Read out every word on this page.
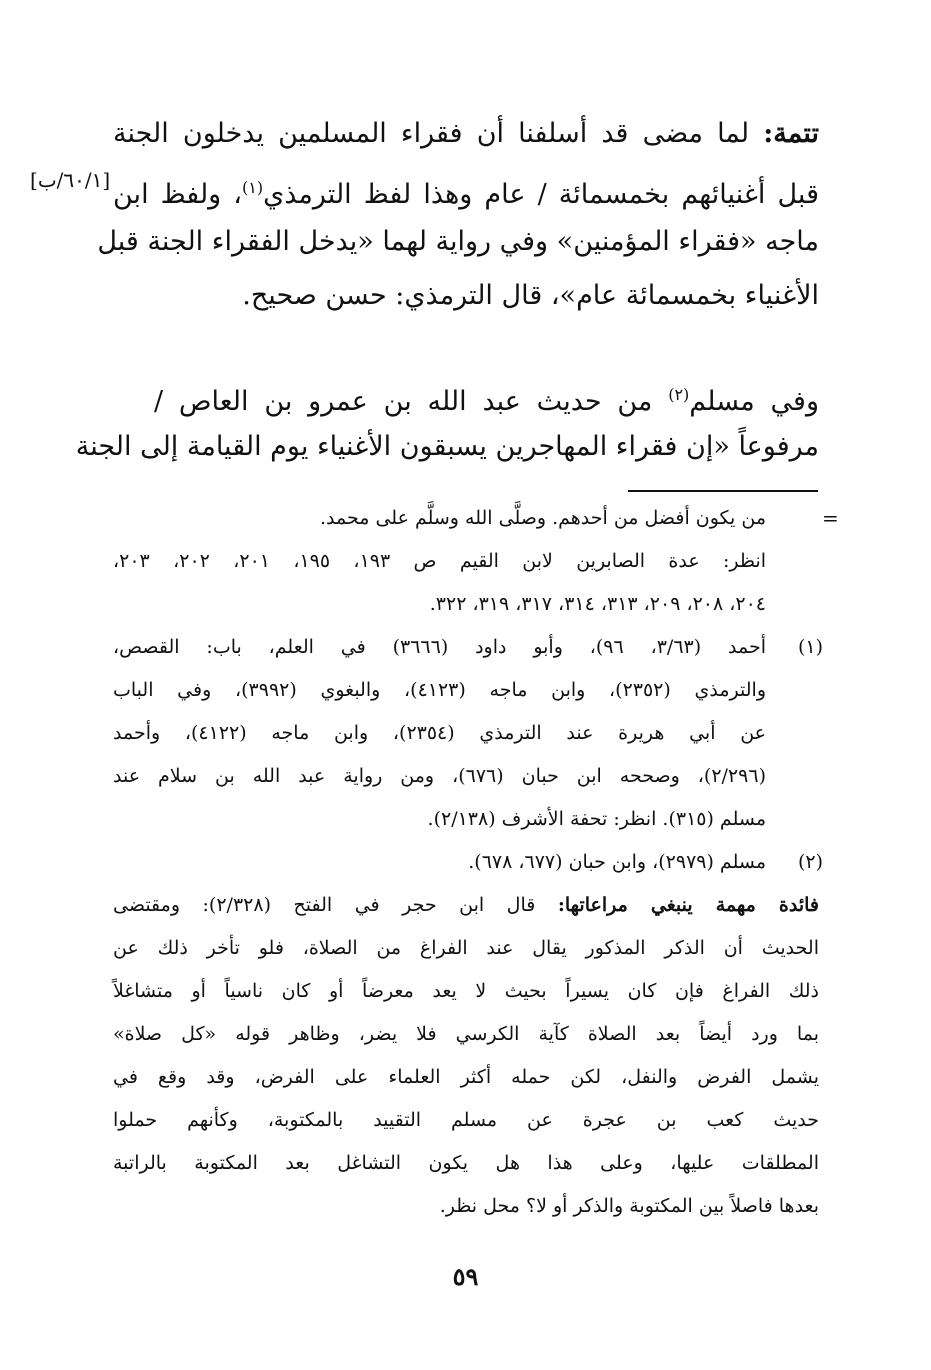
تتمة: لما مضى قد أسلفنا أن فقراء المسلمين يدخلون الجنة

قبل أغنيائهم بخمسمائة / عام وهذا لفظ الترمذي$^{(١)}$، ولفظ ابن

ماجه «فقراء المؤمنين» وفي رواية لهما «يدخل الفقراء الجنة قبل

الأغنياء بخمسمائة عام»، قال الترمذي: حسن صحيح.

[٦٠/١/ب]

وفي مسلم$^{(٢)}$ من حديث عبد الله بن عمرو بن العاص /

مرفوعاً «إن فقراء المهاجرين يسبقون الأغنياء يوم القيامة إلى الجنة

=

من يكون أفضل من أحدهم. وصلَّى الله وسلَّم على محمد.

انظر: عدة الصابرين لابن القيم ص ١٩٣، ١٩٥، ٢٠١، ٢٠٢، ٢٠٣،

٢٠٤، ٢٠٨، ٢٠٩، ٣١٣، ٣١٤، ٣١٧، ٣١٩، ٣٢٢.

(١)

أحمد (٣/٦٣، ٩٦)، وأبو داود (٣٦٦٦) في العلم، باب: القصص،

والترمذي (٢٣٥٢)، وابن ماجه (٤١٢٣)، والبغوي (٣٩٩٢)، وفي الباب

عن أبي هريرة عند الترمذي (٢٣٥٤)، وابن ماجه (٤١٢٢)، وأحمد

(٢/٢٩٦)، وصححه ابن حبان (٦٧٦)، ومن رواية عبد الله بن سلام عند

مسلم (٣١٥). انظر: تحفة الأشرف (٢/١٣٨).

(٢)

مسلم (٢٩٧٩)، وابن حبان (٦٧٧، ٦٧٨).

فائدة مهمة ينبغي مراعاتها: قال ابن حجر في الفتح (٢/٣٢٨): ومقتضى

الحديث أن الذكر المذكور يقال عند الفراغ من الصلاة، فلو تأخر ذلك عن

ذلك الفراغ فإن كان يسيراً بحيث لا يعد معرضاً أو كان ناسياً أو متشاغلاً

بما ورد أيضاً بعد الصلاة كآية الكرسي فلا يضر، وظاهر قوله «كل صلاة»

يشمل الفرض والنفل، لكن حمله أكثر العلماء على الفرض، وقد وقع في

حديث كعب بن عجرة عن مسلم التقييد بالمكتوبة، وكأنهم حملوا

المطلقات عليها، وعلى هذا هل يكون التشاغل بعد المكتوبة بالراتبة

بعدها فاصلاً بين المكتوبة والذكر أو لا؟ محل نظر.

٥٩
